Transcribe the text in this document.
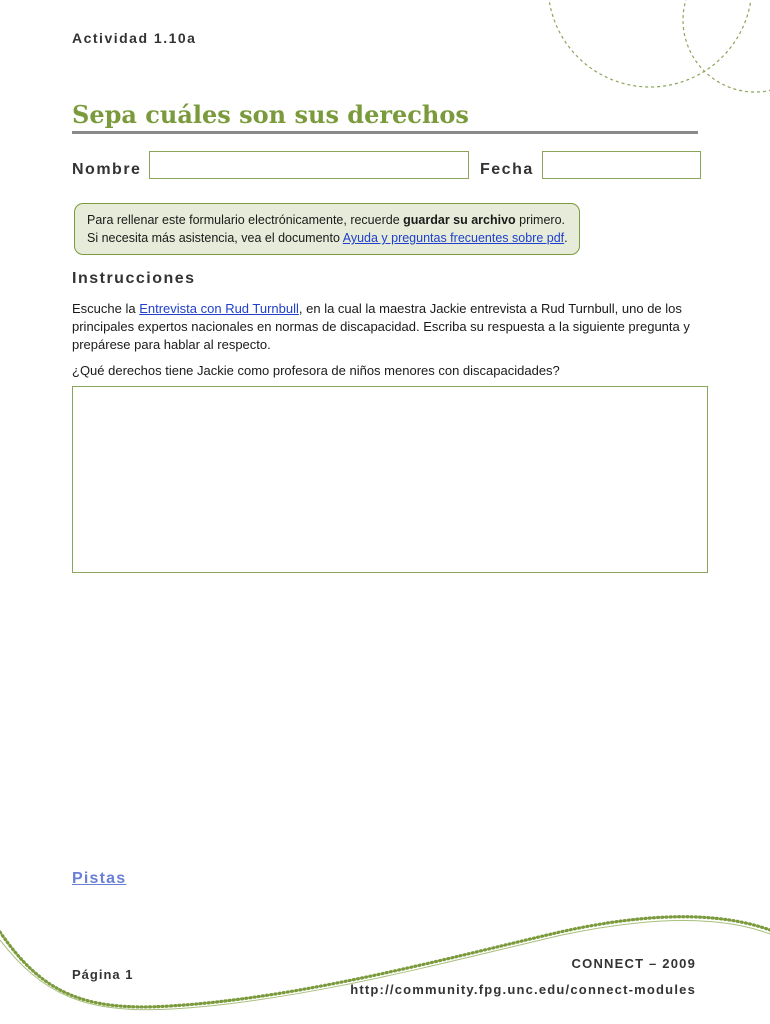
Actividad 1.10a
Sepa cuáles son sus derechos
Nombre	Fecha
Para rellenar este formulario electrónicamente, recuerde guardar su archivo primero.
Si necesita más asistencia, vea el documento Ayuda y preguntas frecuentes sobre pdf.
Instrucciones

Escuche la Entrevista con Rud Turnbull, en la cual la maestra Jackie entrevista a Rud Turnbull, uno de los principales expertos nacionales en normas de discapacidad. Escriba su respuesta a la siguiente pregunta y prepárese para hablar al respecto.

¿Qué derechos tiene Jackie como profesora de niños menores con discapacidades?

Pistas
Página 1
CONNECT – 2009
http://community.fpg.unc.edu/connect-modules
